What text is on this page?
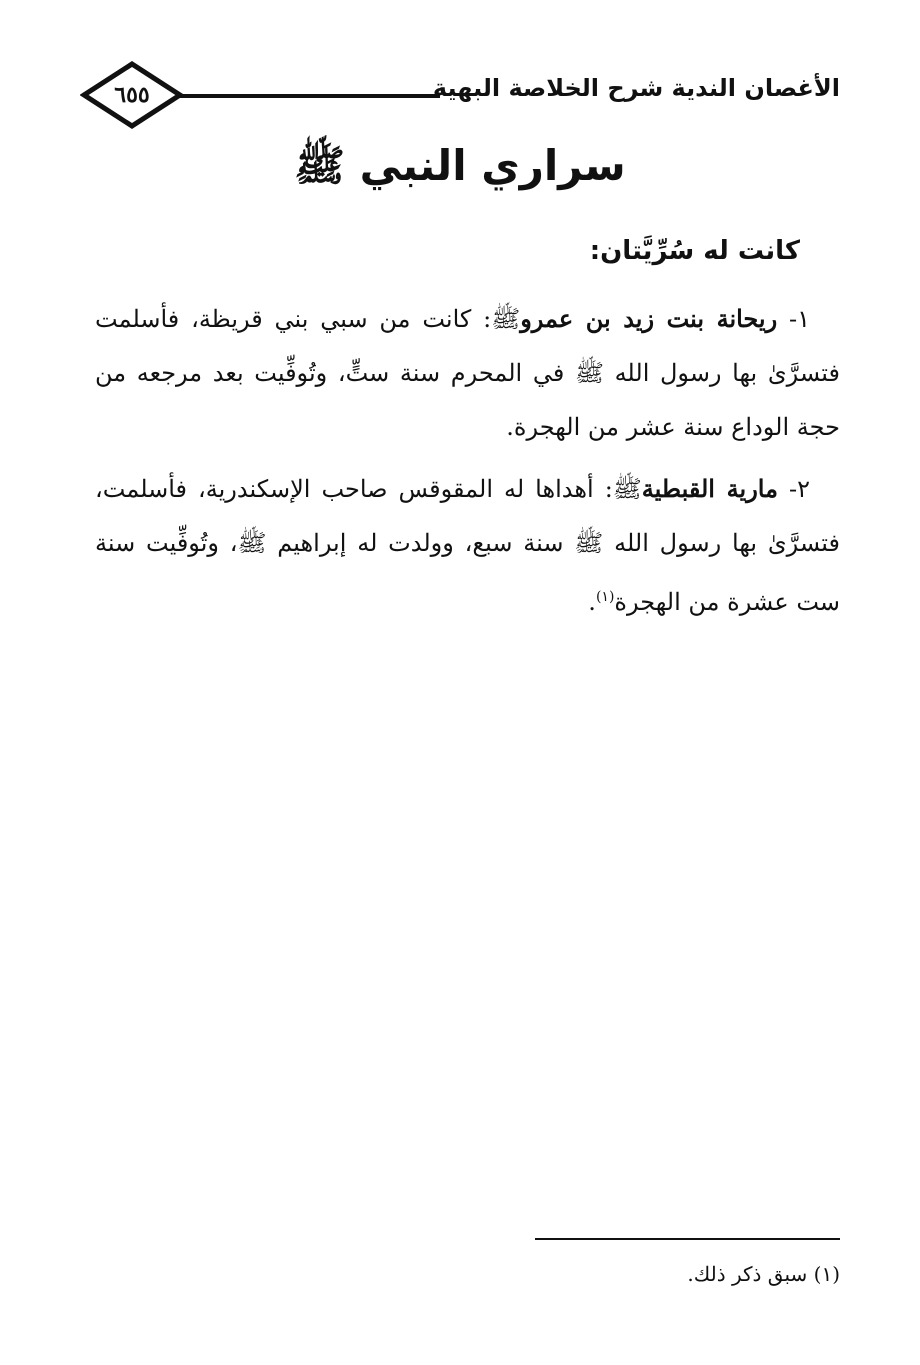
٦٥٥	الأغصان الندية شرح الخلاصة البهية
سراري النبي ﷺ
كانت له سُرِّيَّتان:

١- ريحانة بنت زيد بن عمروﷺ: كانت من سبي بني قريظة، فأسلمت فتسرَّىٰ بها رسول الله ﷺ في المحرم سنة ستٍّ، وتُوفِّيت بعد مرجعه من حجة الوداع سنة عشر من الهجرة.

٢- مارية القبطيةﷺ: أهداها له المقوقس صاحب الإسكندرية، فأسلمت، فتسرَّىٰ بها رسول الله ﷺ سنة سبع، وولدت له إبراهيم ﷺ، وتُوفِّيت سنة ست عشرة من الهجرة$^{(١)}$.

(١) سبق ذكر ذلك.
